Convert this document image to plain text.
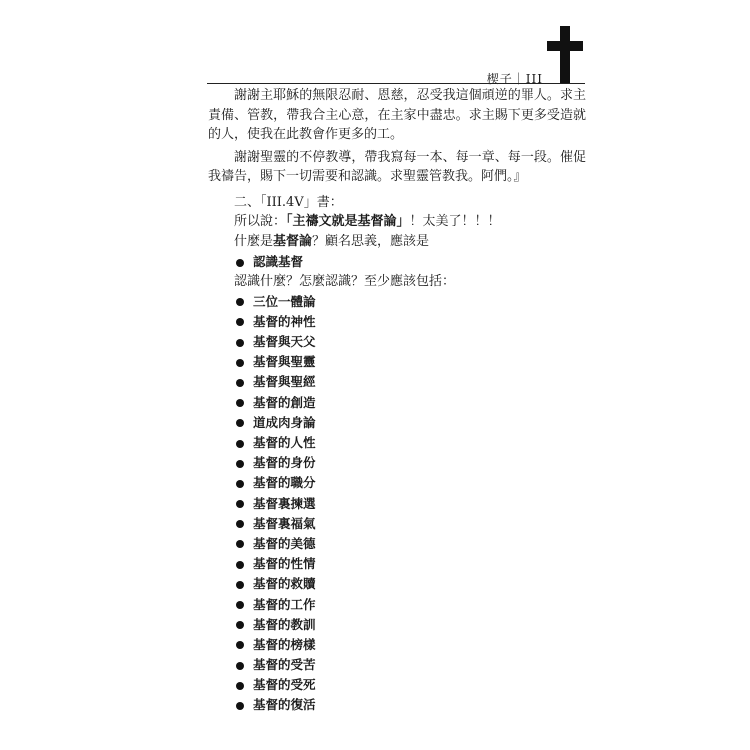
楔子｜III

謝謝主耶穌的無限忍耐、恩慈，忍受我這個頑逆的罪人。求主責備、管教，帶我合主心意，在主家中盡忠。求主賜下更多受造就的人，使我在此教會作更多的工。

謝謝聖靈的不停教導，帶我寫每一本、每一章、每一段。催促我禱告，賜下一切需要和認識。求聖靈管教我。阿們。』

二、「III.4V」書：

所以說：「主禱文就是基督論」！太美了！！！

什麼是基督論？顧名思義，應該是

認識基督

認識什麼？怎麼認識？至少應該包括：

三位一體論
基督的神性
基督與天父
基督與聖靈
基督與聖經
基督的創造
道成肉身論
基督的人性
基督的身份
基督的職分
基督裏揀選
基督裏福氣
基督的美德
基督的性情
基督的救贖
基督的工作
基督的教訓
基督的榜樣
基督的受苦
基督的受死
基督的復活
